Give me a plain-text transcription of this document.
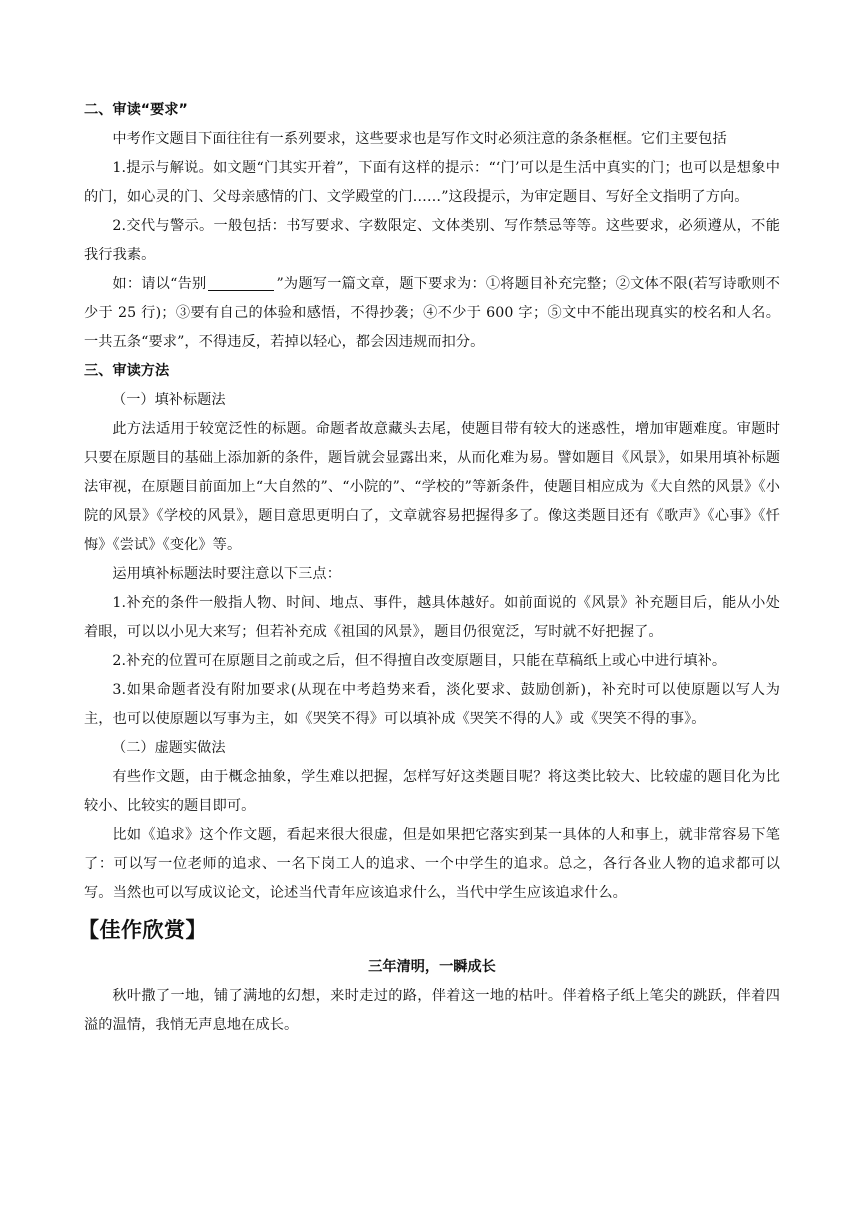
二、审读“要求”

中考作文题目下面往往有一系列要求，这些要求也是写作文时必须注意的条条框框。它们主要包括

1.提示与解说。如文题“门其实开着”，下面有这样的提示：“‘门’可以是生活中真实的门；也可以是想象中的门，如心灵的门、父母亲感情的门、文学殿堂的门……”这段提示，为审定题目、写好全文指明了方向。

2.交代与警示。一般包括：书写要求、字数限定、文体类别、写作禁忌等等。这些要求，必须遵从，不能我行我素。

如：请以“告别	”为题写一篇文章，题下要求为：①将题目补充完整；②文体不限(若写诗歌则不少于 25 行)；③要有自己的体验和感悟，不得抄袭；④不少于 600 字；⑤文中不能出现真实的校名和人名。一共五条“要求”，不得违反，若掉以轻心，都会因违规而扣分。

三、审读方法

（一）填补标题法

此方法适用于较宽泛性的标题。命题者故意藏头去尾，使题目带有较大的迷惑性，增加审题难度。审题时只要在原题目的基础上添加新的条件，题旨就会显露出来，从而化难为易。譬如题目《风景》，如果用填补标题法审视，在原题目前面加上“大自然的”、“小院的”、“学校的”等新条件，使题目相应成为《大自然的风景》《小院的风景》《学校的风景》，题目意思更明白了，文章就容易把握得多了。像这类题目还有《歌声》《心事》《忏悔》《尝试》《变化》等。

运用填补标题法时要注意以下三点：

1.补充的条件一般指人物、时间、地点、事件，越具体越好。如前面说的《风景》补充题目后，能从小处着眼，可以以小见大来写；但若补充成《祖国的风景》，题目仍很宽泛，写时就不好把握了。

2.补充的位置可在原题目之前或之后，但不得擅自改变原题目，只能在草稿纸上或心中进行填补。

3.如果命题者没有附加要求(从现在中考趋势来看，淡化要求、鼓励创新)，补充时可以使原题以写人为主，也可以使原题以写事为主，如《哭笑不得》可以填补成《哭笑不得的人》或《哭笑不得的事》。

（二）虚题实做法

有些作文题，由于概念抽象，学生难以把握，怎样写好这类题目呢？将这类比较大、比较虚的题目化为比较小、比较实的题目即可。

比如《追求》这个作文题，看起来很大很虚，但是如果把它落实到某一具体的人和事上，就非常容易下笔了：可以写一位老师的追求、一名下岗工人的追求、一个中学生的追求。总之，各行各业人物的追求都可以写。当然也可以写成议论文，论述当代青年应该追求什么，当代中学生应该追求什么。

【佳作欣赏】

三年清明，一瞬成长

秋叶撒了一地，铺了满地的幻想，来时走过的路，伴着这一地的枯叶。伴着格子纸上笔尖的跳跃，伴着四溢的温情，我悄无声息地在成长。
